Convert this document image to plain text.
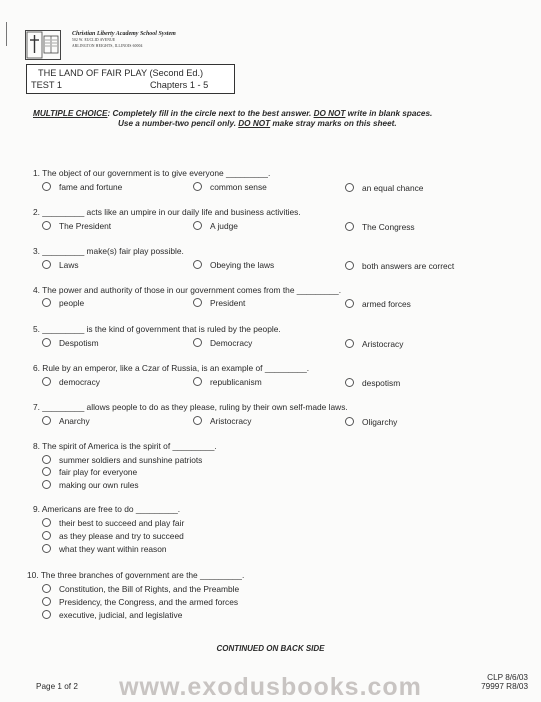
Christian Liberty Academy School System
502 W. EUCLID AVENUE
ARLINGTON HEIGHTS, ILLINOIS 60004
THE LAND OF FAIR PLAY (Second Ed.)
TEST 1	Chapters 1 - 5
MULTIPLE CHOICE: Completely fill in the circle next to the best answer. DO NOT write in blank spaces.
Use a number-two pencil only. DO NOT make stray marks on this sheet.
1. The object of our government is to give everyone _________.
fame and fortune	common sense	an equal chance
2. _________ acts like an umpire in our daily life and business activities.
The President	A judge	The Congress
3. _________ make(s) fair play possible.
Laws	Obeying the laws	both answers are correct
4. The power and authority of those in our government comes from the _________.
people	President	armed forces
5. _________ is the kind of government that is ruled by the people.
Despotism	Democracy	Aristocracy
6. Rule by an emperor, like a Czar of Russia, is an example of _________.
democracy	republicanism	despotism
7. _________ allows people to do as they please, ruling by their own self-made laws.
Anarchy	Aristocracy	Oligarchy
8. The spirit of America is the spirit of _________.
summer soldiers and sunshine patriots
fair play for everyone
making our own rules
9. Americans are free to do _________.
their best to succeed and play fair
as they please and try to succeed
what they want within reason
10. The three branches of government are the _________.
Constitution, the Bill of Rights, and the Preamble
Presidency, the Congress, and the armed forces
executive, judicial, and legislative
CONTINUED ON BACK SIDE
www.exodusbooks.com
Page 1 of 2
CLP 8/6/03
79997 R8/03
